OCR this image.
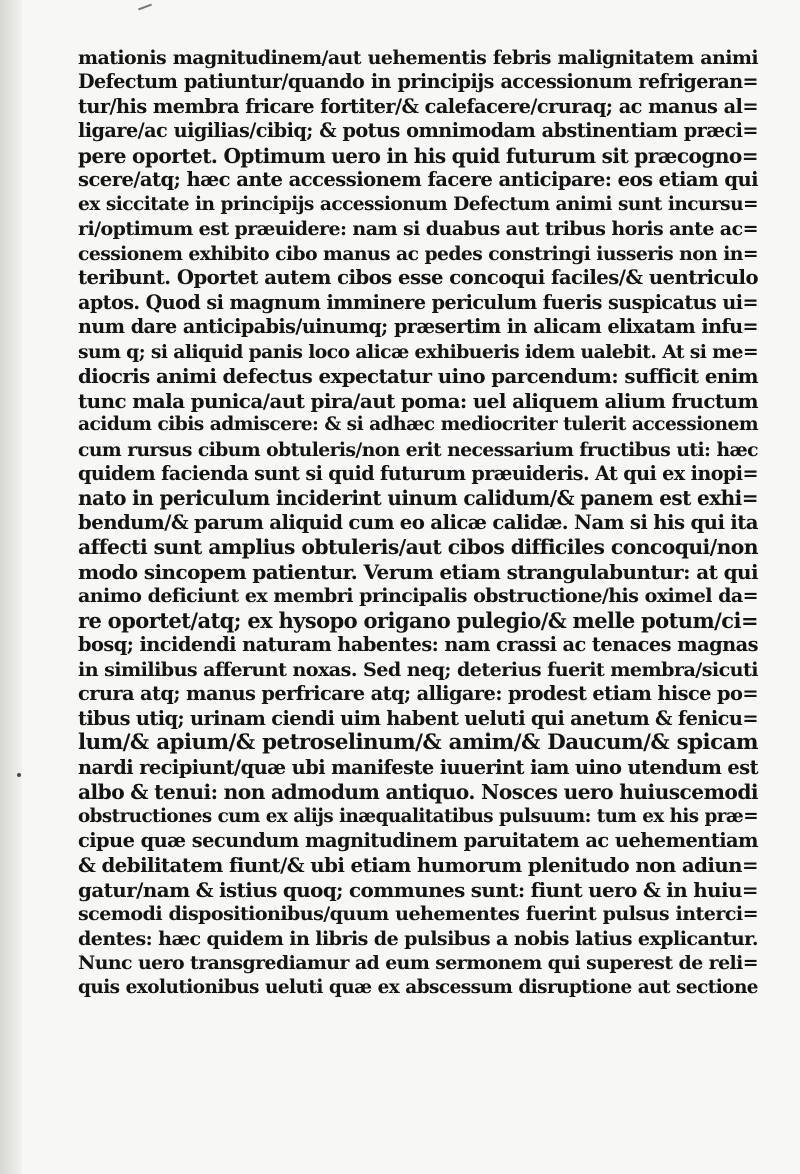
mationis magnitudinem/aut uehementis febris malignitatem animi
Defectum patiuntur/quando in principijs accessionum refrigeran=
tur/his membra fricare fortiter/& calefacere/cruraq; ac manus al=
ligare/ac uigilias/cibiq; & potus omnimodam abstinentiam præci=
pere oportet. Optimum uero in his quid futurum sit præcogno=
scere/atq; hæc ante accessionem facere anticipare: eos etiam qui
ex siccitate in principijs accessionum Defectum animi sunt incursu=
ri/optimum est præuidere: nam si duabus aut tribus horis ante ac=
cessionem exhibito cibo manus ac pedes constringi iusseris non in=
teribunt. Oportet autem cibos esse concoqui faciles/& uentriculo
aptos. Quod si magnum imminere periculum fueris suspicatus ui=
num dare anticipabis/uinumq; præsertim in alicam elixatam infu=
sum q; si aliquid panis loco alicæ exhibueris idem ualebit. At si me=
diocris animi defectus expectatur uino parcendum: sufficit enim
tunc mala punica/aut pira/aut poma: uel aliquem alium fructum
acidum cibis admiscere: & si adhæc mediocriter tulerit accessionem
cum rursus cibum obtuleris/non erit necessarium fructibus uti: hæc
quidem facienda sunt si quid futurum præuideris. At qui ex inopi=
nato in periculum inciderint uinum calidum/& panem est exhi=
bendum/& parum aliquid cum eo alicæ calidæ. Nam si his qui ita
affecti sunt amplius obtuleris/aut cibos difficiles concoqui/non
modo sincopem patientur. Verum etiam strangulabuntur: at qui
animo deficiunt ex membri principalis obstructione/his oximel da=
re oportet/atq; ex hysopo origano pulegio/& melle potum/ci=
bosq; incidendi naturam habentes: nam crassi ac tenaces magnas
in similibus afferunt noxas. Sed neq; deterius fuerit membra/sicuti
crura atq; manus perfricare atq; alligare: prodest etiam hisce po=
tibus utiq; urinam ciendi uim habent ueluti qui anetum & fenicu=
lum/& apium/& petroselinum/& amim/& Daucum/& spicam
nardi recipiunt/quæ ubi manifeste iuuerint iam uino utendum est
albo & tenui: non admodum antiquo. Nosces uero huiuscemodi
obstructiones cum ex alijs inæqualitatibus pulsuum: tum ex his præ=
cipue quæ secundum magnitudinem paruitatem ac uehementiam
& debilitatem fiunt/& ubi etiam humorum plenitudo non adiun=
gatur/nam & istius quoq; communes sunt: fiunt uero & in huiu=
scemodi dispositionibus/quum uehementes fuerint pulsus interci=
dentes: hæc quidem in libris de pulsibus a nobis latius explicantur.
Nunc uero transgrediamur ad eum sermonem qui superest de reli=
quis exolutionibus ueluti quæ ex abscessum disruptione aut sectione
